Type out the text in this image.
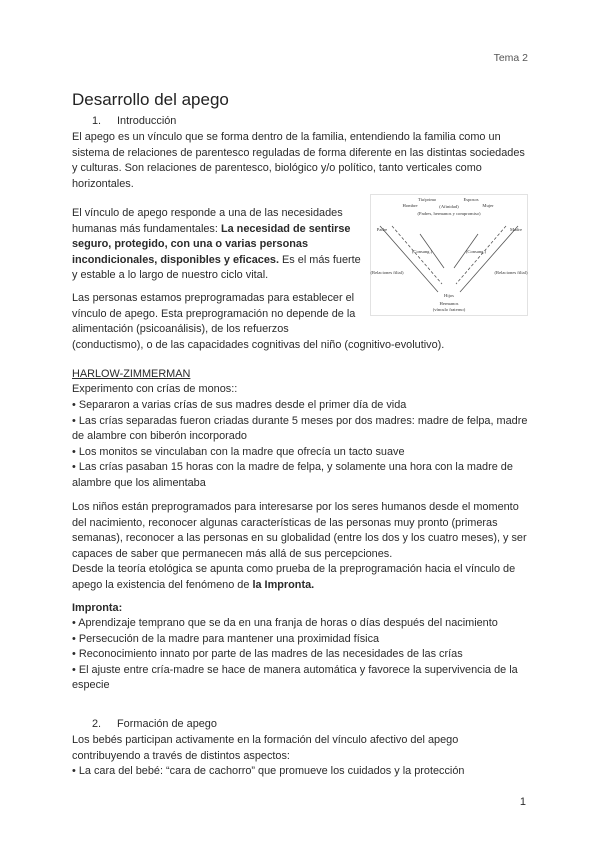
Tema 2
Desarrollo del apego
1. Introducción
El apego es un vínculo que se forma dentro de la familia, entendiendo la familia como un sistema de relaciones de parentesco reguladas de forma diferente en las distintas sociedades y culturas. Son relaciones de parentesco, biológico y/o político, tanto verticales como horizontales.
El vínculo de apego responde a una de las necesidades humanas más fundamentales: La necesidad de sentirse seguro, protegido, con una o varias personas incondicionales, disponibles y eficaces. Es el más fuerte y estable a lo largo de nuestro ciclo vital.
Las personas estamos preprogramadas para establecer el vínculo de apego. Esta preprogramación no depende de la alimentación (psicoanálisis), de los refuerzos
(conductismo), o de las capacidades cognitivas del niño (cognitivo-evolutivo).
Tía/primo	Esposos
Hombre	Mujer
(Afinidad)
(Padres, hermanos y compromiso)
Padre	Madre
(Consang.)	(Consang.)
(Relaciones filial)	(Relaciones filial)
Hijos
Hermanos
(vínculo fraterno)
HARLOW-ZIMMERMAN
Experimento con crías de monos::
• Separaron a varias crías de sus madres desde el primer día de vida
• Las crías separadas fueron criadas durante 5 meses por dos madres: madre de felpa, madre de alambre con biberón incorporado
• Los monitos se vinculaban con la madre que ofrecía un tacto suave
• Las crías pasaban 15 horas con la madre de felpa, y solamente una hora con la madre de alambre que los alimentaba
Los niños están preprogramados para interesarse por los seres humanos desde el momento del nacimiento, reconocer algunas características de las personas muy pronto (primeras semanas), reconocer a las personas en su globalidad (entre los dos y los cuatro meses), y ser capaces de saber que permanecen más allá de sus percepciones.
Desde la teoría etológica se apunta como prueba de la preprogramación hacia el vínculo de apego la existencia del fenómeno de la Impronta.
Impronta:
• Aprendizaje temprano que se da en una franja de horas o días después del nacimiento
• Persecución de la madre para mantener una proximidad física
• Reconocimiento innato por parte de las madres de las necesidades de las crías
• El ajuste entre cría-madre se hace de manera automática y favorece la supervivencia de la especie
2. Formación de apego
Los bebés participan activamente en la formación del vínculo afectivo del apego contribuyendo a través de distintos aspectos:
• La cara del bebé: “cara de cachorro” que promueve los cuidados y la protección
1
